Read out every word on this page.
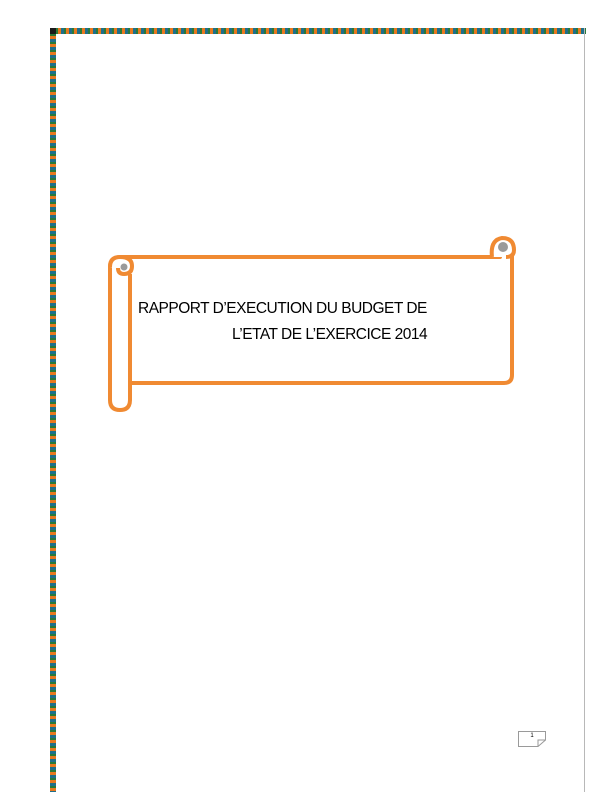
RAPPORT D’EXECUTION DU BUDGET DE
L’ETAT DE L’EXERCICE 2014
1
